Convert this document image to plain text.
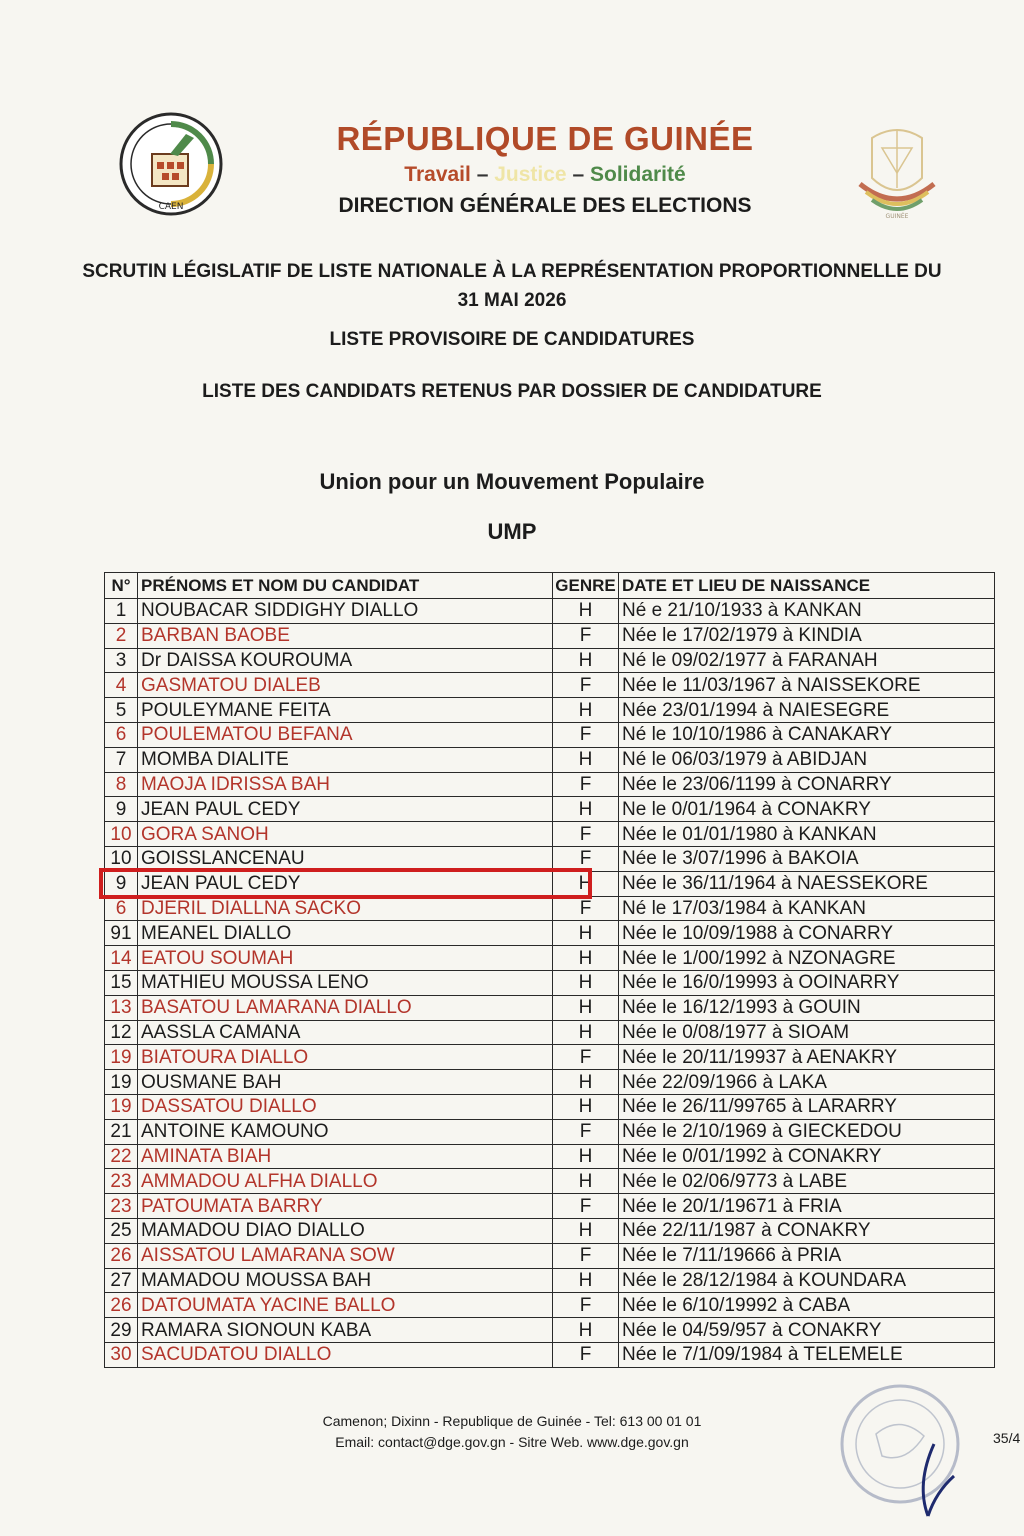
CAEN
GUINÉE
RÉPUBLIQUE DE GUINÉE
Travail – Justice – Solidarité
DIRECTION GÉNÉRALE DES ELECTIONS
SCRUTIN LÉGISLATIF DE LISTE NATIONALE À LA REPRÉSENTATION PROPORTIONNELLE DU
31 MAI 2026
LISTE PROVISOIRE DE CANDIDATURES
LISTE DES CANDIDATS RETENUS PAR DOSSIER DE CANDIDATURE
Union pour un Mouvement Populaire
UMP
N°	PRÉNOMS ET NOM DU CANDIDAT	GENRE	DATE ET LIEU DE NAISSANCE
1	NOUBACAR SIDDIGHY DIALLO	H	Né e 21/10/1933 à KANKAN
2	BARBAN BAOBE	F	Née le 17/02/1979 à KINDIA
3	Dr DAISSA KOUROUMA	H	Né le 09/02/1977 à FARANAH
4	GASMATOU DIALEB	F	Née le 11/03/1967 à NAISSEKORE
5	POULEYMANE FEITA	H	Née 23/01/1994 à NAIESEGRE
6	POULEMATOU BEFANA	F	Né le 10/10/1986 à CANAKARY
7	MOMBA DIALITE	H	Né le 06/03/1979 à ABIDJAN
8	MAOJA IDRISSA BAH	F	Née le 23/06/1199 à CONARRY
9	JEAN PAUL CEDY	H	Ne le 0/01/1964 à CONAKRY
10	GORA SANOH	F	Née le 01/01/1980 à KANKAN
10	GOISSLANCENAU	F	Née le 3/07/1996 à BAKOIA
9	JEAN PAUL CEDY	H	Née le 36/11/1964 à NAESSEKORE
6	DJERIL DIALLNA SACKO	F	Né le 17/03/1984 à KANKAN
91	MEANEL DIALLO	H	Née le 10/09/1988 à CONARRY
14	EATOU SOUMAH	H	Née le 1/00/1992 à NZONAGRE
15	MATHIEU MOUSSA LENO	H	Née le 16/0/19993 à OOINARRY
13	BASATOU LAMARANA DIALLO	H	Née le 16/12/1993 à GOUIN
12	AASSLA CAMANA	H	Née le 0/08/1977 à SIOAM
19	BIATOURA DIALLO	F	Née le 20/11/19937 à AENAKRY
19	OUSMANE BAH	H	Née 22/09/1966 à LAKA
19	DASSATOU DIALLO	H	Née le 26/11/99765 à LARARRY
21	ANTOINE KAMOUNO	F	Née le 2/10/1969 à GIECKEDOU
22	AMINATA BIAH	H	Née le 0/01/1992 à CONAKRY
23	AMMADOU ALFHA DIALLO	H	Née le 02/06/9773 à LABE
23	PATOUMATA BARRY	F	Née le 20/1/19671 à FRIA
25	MAMADOU DIAO DIALLO	H	Née 22/11/1987 à CONAKRY
26	AISSATOU LAMARANA SOW	F	Née le 7/11/19666 à PRIA
27	MAMADOU MOUSSA BAH	H	Née le 28/12/1984 à KOUNDARA
26	DATOUMATA YACINE BALLO	F	Née le 6/10/19992 à CABA
29	RAMARA SIONOUN KABA	H	Née le 04/59/957 à CONAKRY
30	SACUDATOU DIALLO	F	Née le 7/1/09/1984 à TELEMELE
Camenon; Dixinn - Republique de Guinée - Tel: 613 00 01 01
Email: contact@dge.gov.gn - Sitre Web. www.dge.gov.gn	35/4
